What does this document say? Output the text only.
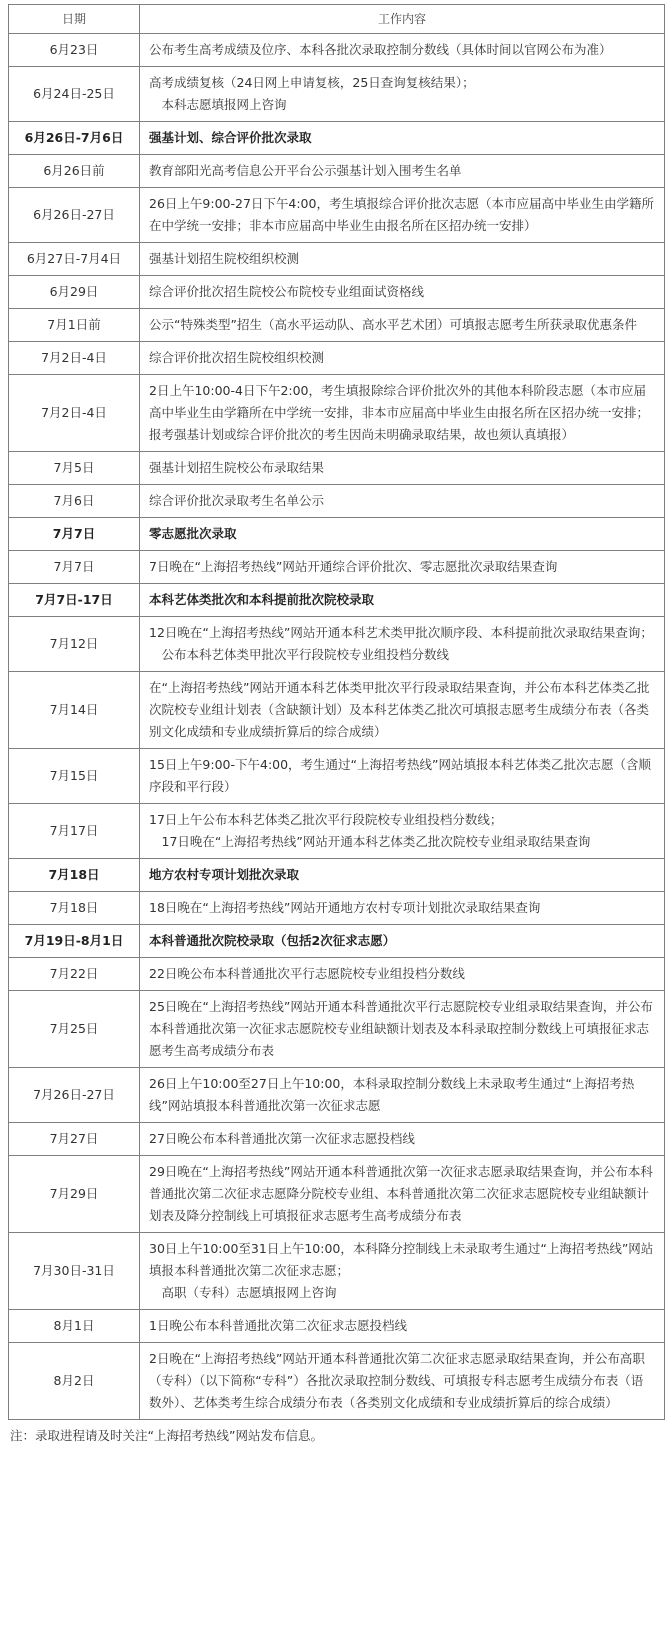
日期	工作内容
6月23日	公布考生高考成绩及位序、本科各批次录取控制分数线（具体时间以官网公布为准）

6月24日-25日	高考成绩复核（24日网上申请复核，25日查询复核结果）；
　本科志愿填报网上咨询

6月26日-7月6日	强基计划、综合评价批次录取

6月26日前	教育部阳光高考信息公开平台公示强基计划入围考生名单

6月26日-27日	26日上午9:00-27日下午4:00，考生填报综合评价批次志愿（本市应届高中毕业生由学籍所在中学统一安排；非本市应届高中毕业生由报名所在区招办统一安排）

6月27日-7月4日	强基计划招生院校组织校测

6月29日	综合评价批次招生院校公布院校专业组面试资格线

7月1日前	公示“特殊类型”招生（高水平运动队、高水平艺术团）可填报志愿考生所获录取优惠条件

7月2日-4日	综合评价批次招生院校组织校测

7月2日-4日	2日上午10:00-4日下午2:00，考生填报除综合评价批次外的其他本科阶段志愿（本市应届高中毕业生由学籍所在中学统一安排，非本市应届高中毕业生由报名所在区招办统一安排；报考强基计划或综合评价批次的考生因尚未明确录取结果，故也须认真填报）

7月5日	强基计划招生院校公布录取结果

7月6日	综合评价批次录取考生名单公示

7月7日	零志愿批次录取

7月7日	7日晚在“上海招考热线”网站开通综合评价批次、零志愿批次录取结果查询

7月7日-17日	本科艺体类批次和本科提前批次院校录取

7月12日	12日晚在“上海招考热线”网站开通本科艺术类甲批次顺序段、本科提前批次录取结果查询；
　公布本科艺体类甲批次平行段院校专业组投档分数线

7月14日	在“上海招考热线”网站开通本科艺体类甲批次平行段录取结果查询，并公布本科艺体类乙批次院校专业组计划表（含缺额计划）及本科艺体类乙批次可填报志愿考生成绩分布表（各类别文化成绩和专业成绩折算后的综合成绩）

7月15日	15日上午9:00-下午4:00，考生通过“上海招考热线”网站填报本科艺体类乙批次志愿（含顺序段和平行段）

7月17日	17日上午公布本科艺体类乙批次平行段院校专业组投档分数线；
　17日晚在“上海招考热线”网站开通本科艺体类乙批次院校专业组录取结果查询

7月18日	地方农村专项计划批次录取

7月18日	18日晚在“上海招考热线”网站开通地方农村专项计划批次录取结果查询

7月19日-8月1日	本科普通批次院校录取（包括2次征求志愿）

7月22日	22日晚公布本科普通批次平行志愿院校专业组投档分数线

7月25日	25日晚在“上海招考热线”网站开通本科普通批次平行志愿院校专业组录取结果查询，并公布本科普通批次第一次征求志愿院校专业组缺额计划表及本科录取控制分数线上可填报征求志愿考生高考成绩分布表

7月26日-27日	26日上午10:00至27日上午10:00，本科录取控制分数线上未录取考生通过“上海招考热线”网站填报本科普通批次第一次征求志愿

7月27日	27日晚公布本科普通批次第一次征求志愿投档线

7月29日	29日晚在“上海招考热线”网站开通本科普通批次第一次征求志愿录取结果查询，并公布本科普通批次第二次征求志愿降分院校专业组、本科普通批次第二次征求志愿院校专业组缺额计划表及降分控制线上可填报征求志愿考生高考成绩分布表

7月30日-31日	30日上午10:00至31日上午10:00，本科降分控制线上未录取考生通过“上海招考热线”网站填报本科普通批次第二次征求志愿；
　高职（专科）志愿填报网上咨询

8月1日	1日晚公布本科普通批次第二次征求志愿投档线

8月2日	2日晚在“上海招考热线”网站开通本科普通批次第二次征求志愿录取结果查询，并公布高职（专科）（以下简称“专科”）各批次录取控制分数线、可填报专科志愿考生成绩分布表（语数外）、艺体类考生综合成绩分布表（各类别文化成绩和专业成绩折算后的综合成绩）
注：录取进程请及时关注“上海招考热线”网站发布信息。
